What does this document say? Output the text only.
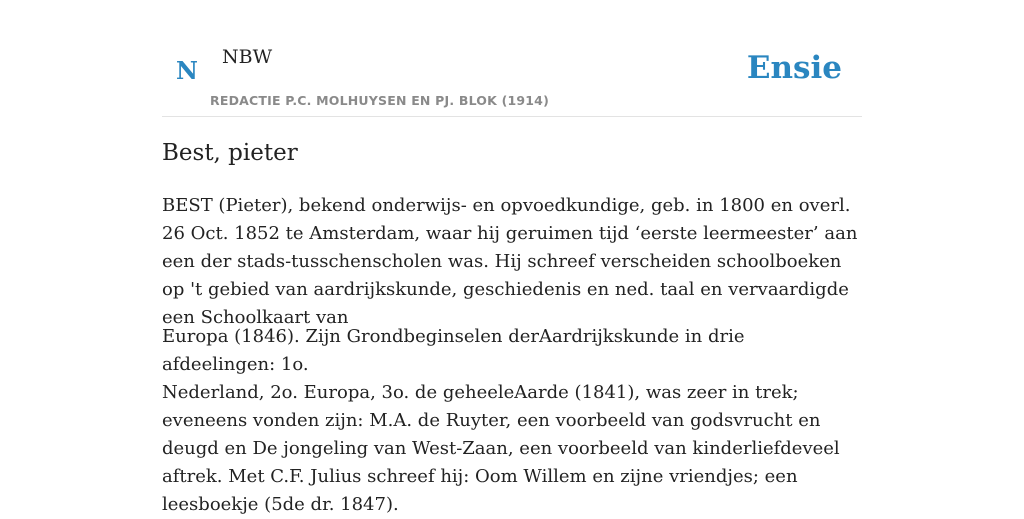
N NBW
REDACTIE P.C. MOLHUYSEN EN PJ. BLOK (1914)
Ensie
Best, pieter

BEST (Pieter), bekend onderwijs- en opvoedkundige, geb. in 1800 en overl. 26 Oct. 1852 te Amsterdam, waar hij geruimen tijd ‘eerste leermeester’ aan een der stads-tusschenscholen was. Hij schreef verscheiden schoolboeken op 't gebied van aardrijkskunde, geschiedenis en ned. taal en vervaardigde een Schoolkaart van

Europa (1846). Zijn Grondbeginselen derAardrijkskunde in drie afdeelingen: 1o.

Nederland, 2o. Europa, 3o. de geheeleAarde (1841), was zeer in trek; eveneens vonden zijn: M.A. de Ruyter, een voorbeeld van godsvrucht en deugd en De jongeling van West-Zaan, een voorbeeld van kinderliefdeveel aftrek. Met C.F. Julius schreef hij: Oom Willem en zijne vriendjes; een leesboekje (5de dr. 1847).
